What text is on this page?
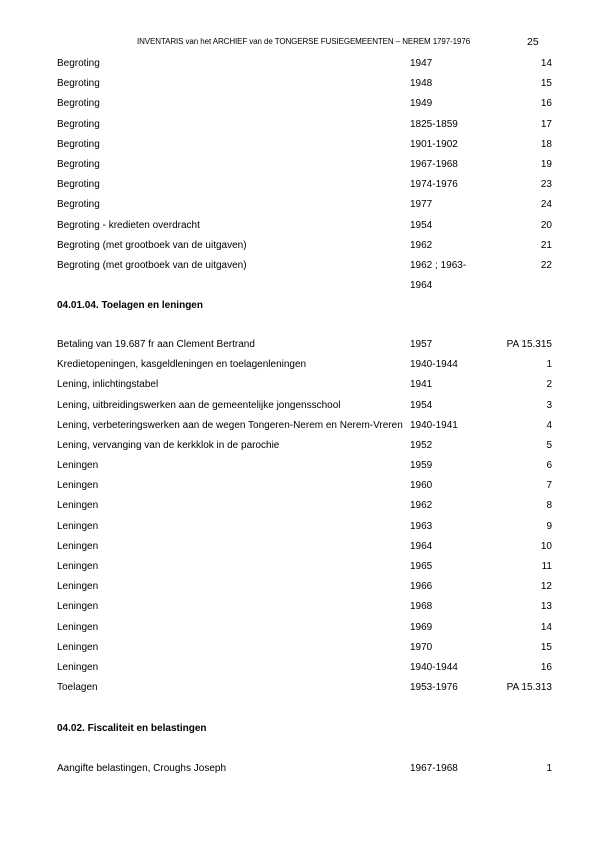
INVENTARIS van het ARCHIEF van de TONGERSE FUSIEGEMEENTEN – NEREM 1797-1976	25
Begroting	1947	14
Begroting	1948	15
Begroting	1949	16
Begroting	1825-1859	17
Begroting	1901-1902	18
Begroting	1967-1968	19
Begroting	1974-1976	23
Begroting	1977	24
Begroting - kredieten overdracht	1954	20
Begroting (met grootboek van de uitgaven)	1962	21
Begroting (met grootboek van de uitgaven)	1962 ; 1963-	22
1964
04.01.04. Toelagen en leningen
Betaling van 19.687 fr aan Clement Bertrand	1957	PA 15.315
Kredietopeningen, kasgeldleningen en toelagenleningen	1940-1944	1
Lening, inlichtingstabel	1941	2
Lening, uitbreidingswerken aan de gemeentelijke jongensschool	1954	3
Lening, verbeteringswerken aan de wegen Tongeren-Nerem en Nerem-Vreren 1940-1941	4
Lening, vervanging van de kerkklok in de parochie	1952	5
Leningen	1959	6
Leningen	1960	7
Leningen	1962	8
Leningen	1963	9
Leningen	1964	10
Leningen	1965	11
Leningen	1966	12
Leningen	1968	13
Leningen	1969	14
Leningen	1970	15
Leningen	1940-1944	16
Toelagen	1953-1976	PA 15.313
04.02. Fiscaliteit en belastingen
Aangifte belastingen, Croughs Joseph	1967-1968	1
